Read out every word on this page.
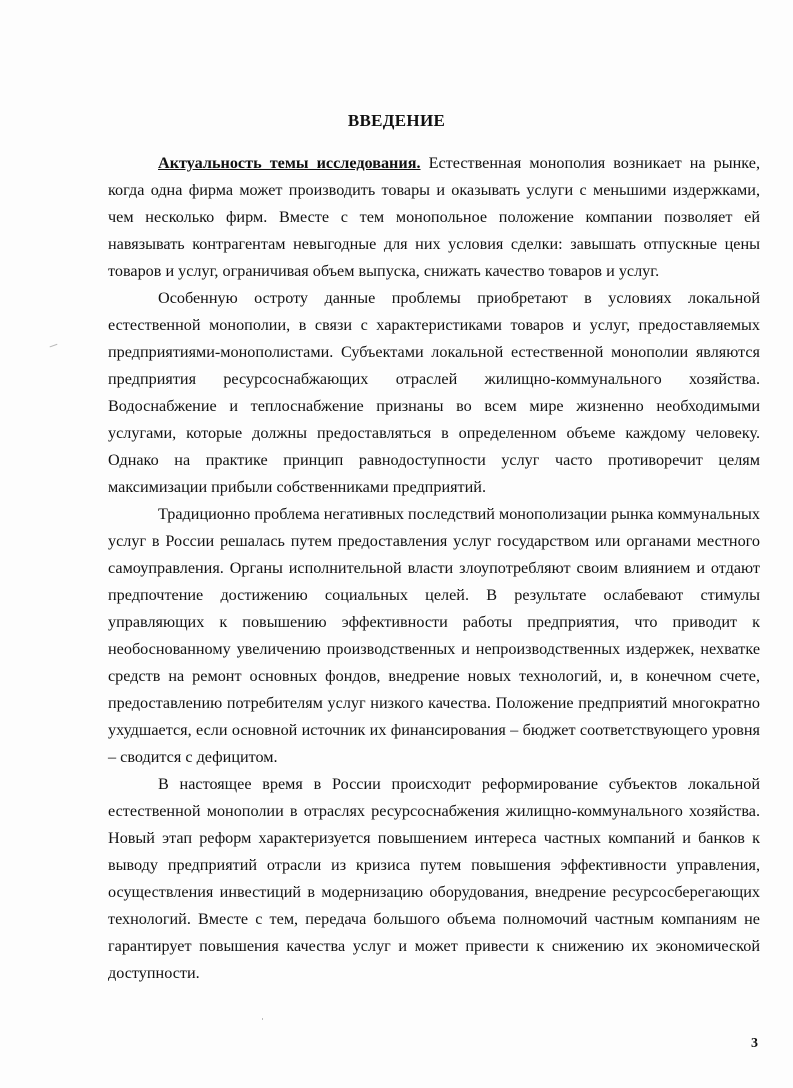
ВВЕДЕНИЕ

Актуальность темы исследования. Естественная монополия возникает на рынке, когда одна фирма может производить товары и оказывать услуги с меньшими издержками, чем несколько фирм. Вместе с тем монопольное положение компании позволяет ей навязывать контрагентам невыгодные для них условия сделки: завышать отпускные цены товаров и услуг, ограничивая объем выпуска, снижать качество товаров и услуг.

Особенную остроту данные проблемы приобретают в условиях локальной естественной монополии, в связи с характеристиками товаров и услуг, предоставляемых предприятиями-монополистами. Субъектами локальной естественной монополии являются предприятия ресурсоснабжающих отраслей жилищно-коммунального хозяйства. Водоснабжение и теплоснабжение признаны во всем мире жизненно необходимыми услугами, которые должны предоставляться в определенном объеме каждому человеку. Однако на практике принцип равнодоступности услуг часто противоречит целям максимизации прибыли собственниками предприятий.

Традиционно проблема негативных последствий монополизации рынка коммунальных услуг в России решалась путем предоставления услуг государством или органами местного самоуправления. Органы исполнительной власти злоупотребляют своим влиянием и отдают предпочтение достижению социальных целей. В результате ослабевают стимулы управляющих к повышению эффективности работы предприятия, что приводит к необоснованному увеличению производственных и непроизводственных издержек, нехватке средств на ремонт основных фондов, внедрение новых технологий, и, в конечном счете, предоставлению потребителям услуг низкого качества. Положение предприятий многократно ухудшается, если основной источник их финансирования – бюджет соответствующего уровня – сводится с дефицитом.

В настоящее время в России происходит реформирование субъектов локальной естественной монополии в отраслях ресурсоснабжения жилищно-коммунального хозяйства. Новый этап реформ характеризуется повышением интереса частных компаний и банков к выводу предприятий отрасли из кризиса путем повышения эффективности управления, осуществления инвестиций в модернизацию оборудования, внедрение ресурсосберегающих технологий. Вместе с тем, передача большого объема полномочий частным компаниям не гарантирует повышения качества услуг и может привести к снижению их экономической доступности.

3
